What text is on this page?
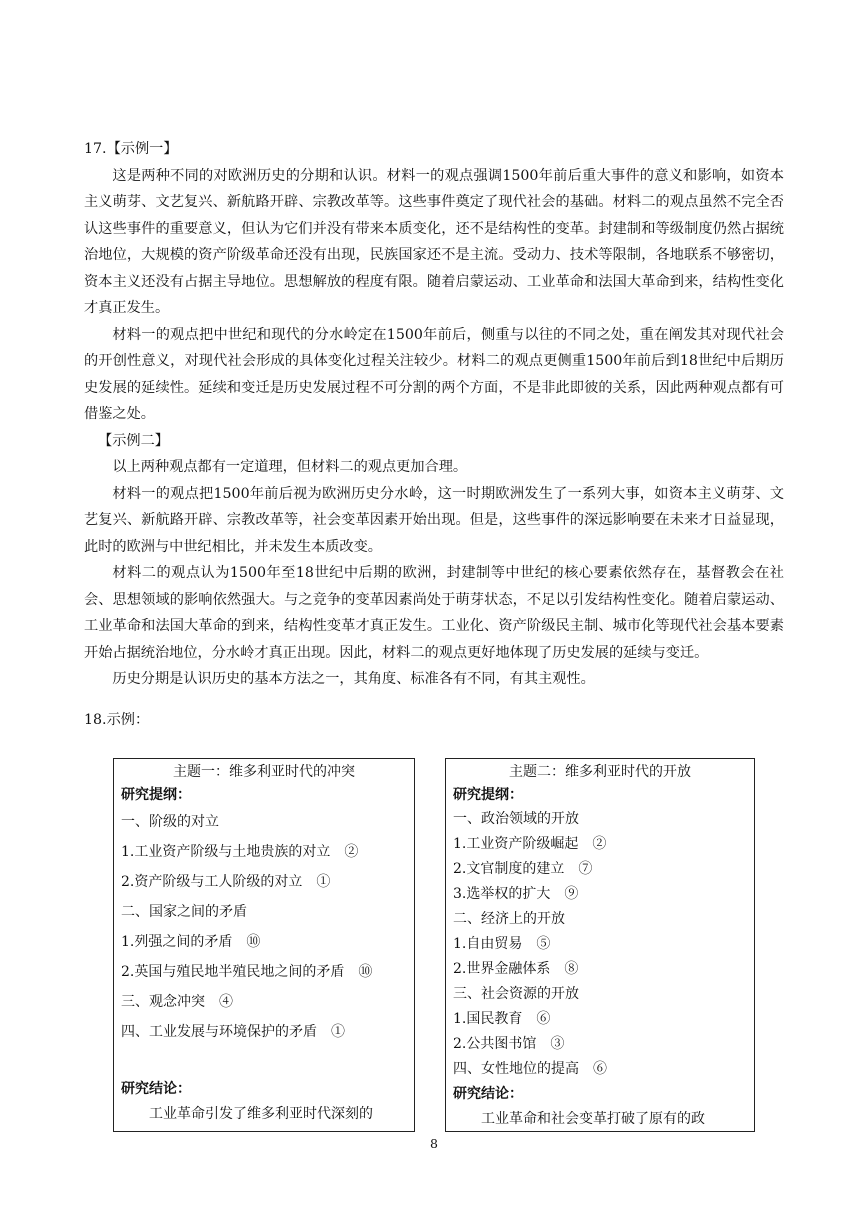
17.【示例一】

这是两种不同的对欧洲历史的分期和认识。材料一的观点强调1500年前后重大事件的意义和影响，如资本主义萌芽、文艺复兴、新航路开辟、宗教改革等。这些事件奠定了现代社会的基础。材料二的观点虽然不完全否认这些事件的重要意义，但认为它们并没有带来本质变化，还不是结构性的变革。封建制和等级制度仍然占据统治地位，大规模的资产阶级革命还没有出现，民族国家还不是主流。受动力、技术等限制，各地联系不够密切，资本主义还没有占据主导地位。思想解放的程度有限。随着启蒙运动、工业革命和法国大革命到来，结构性变化才真正发生。

材料一的观点把中世纪和现代的分水岭定在1500年前后，侧重与以往的不同之处，重在阐发其对现代社会的开创性意义，对现代社会形成的具体变化过程关注较少。材料二的观点更侧重1500年前后到18世纪中后期历史发展的延续性。延续和变迁是历史发展过程不可分割的两个方面，不是非此即彼的关系，因此两种观点都有可借鉴之处。

【示例二】

以上两种观点都有一定道理，但材料二的观点更加合理。

材料一的观点把1500年前后视为欧洲历史分水岭，这一时期欧洲发生了一系列大事，如资本主义萌芽、文艺复兴、新航路开辟、宗教改革等，社会变革因素开始出现。但是，这些事件的深远影响要在未来才日益显现，此时的欧洲与中世纪相比，并未发生本质改变。

材料二的观点认为1500年至18世纪中后期的欧洲，封建制等中世纪的核心要素依然存在，基督教会在社会、思想领域的影响依然强大。与之竞争的变革因素尚处于萌芽状态，不足以引发结构性变化。随着启蒙运动、工业革命和法国大革命的到来，结构性变革才真正发生。工业化、资产阶级民主制、城市化等现代社会基本要素开始占据统治地位，分水岭才真正出现。因此，材料二的观点更好地体现了历史发展的延续与变迁。

历史分期是认识历史的基本方法之一，其角度、标准各有不同，有其主观性。

18.示例：

主题一：维多利亚时代的冲突

研究提纲：

一、阶级的对立

1.工业资产阶级与土地贵族的对立　②

2.资产阶级与工人阶级的对立　①

二、国家之间的矛盾

1.列强之间的矛盾　⑩

2.英国与殖民地半殖民地之间的矛盾　⑩

三、观念冲突　④

四、工业发展与环境保护的矛盾　①

研究结论：

工业革命引发了维多利亚时代深刻的

主题二：维多利亚时代的开放

研究提纲：

一、政治领域的开放

1.工业资产阶级崛起　②

2.文官制度的建立　⑦

3.选举权的扩大　⑨

二、经济上的开放

1.自由贸易　⑤

2.世界金融体系　⑧

三、社会资源的开放

1.国民教育　⑥

2.公共图书馆　③

四、女性地位的提高　⑥

研究结论：

工业革命和社会变革打破了原有的政

8
